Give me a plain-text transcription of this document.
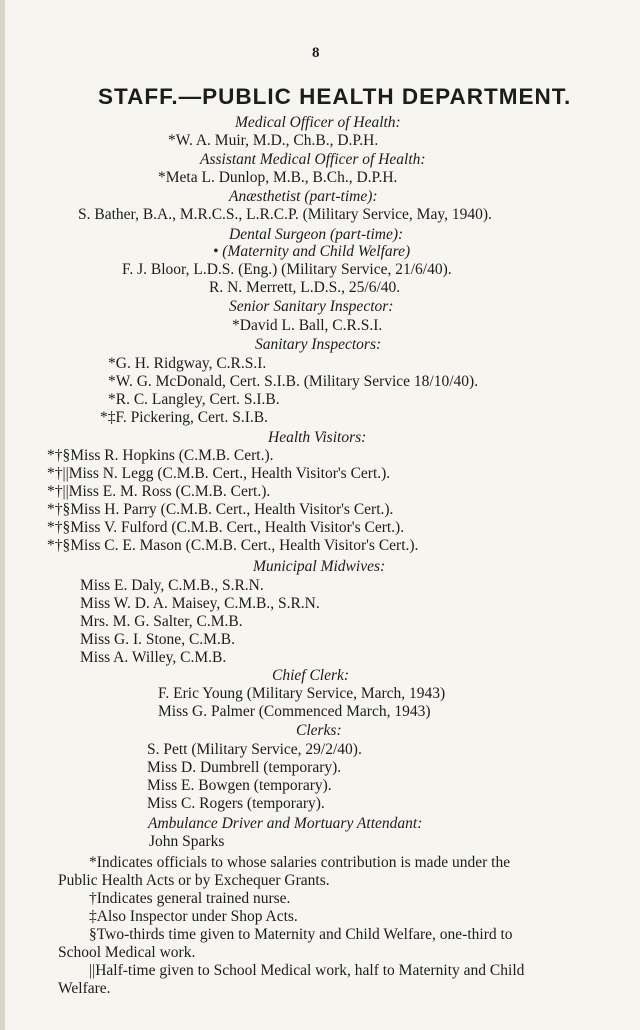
8
STAFF.—PUBLIC HEALTH DEPARTMENT.
Medical Officer of Health:
*W. A. Muir, M.D., Ch.B., D.P.H.
Assistant Medical Officer of Health:
*Meta L. Dunlop, M.B., B.Ch., D.P.H.
Anæsthetist (part-time):
S. Bather, B.A., M.R.C.S., L.R.C.P. (Military Service, May, 1940).
Dental Surgeon (part-time):
• (Maternity and Child Welfare)
F. J. Bloor, L.D.S. (Eng.) (Military Service, 21/6/40).
R. N. Merrett, L.D.S., 25/6/40.
Senior Sanitary Inspector:
*David L. Ball, C.R.S.I.
Sanitary Inspectors:
*G. H. Ridgway, C.R.S.I.
*W. G. McDonald, Cert. S.I.B. (Military Service 18/10/40).
*R. C. Langley, Cert. S.I.B.
*‡F. Pickering, Cert. S.I.B.
Health Visitors:
*†§Miss R. Hopkins (C.M.B. Cert.).
*†||Miss N. Legg (C.M.B. Cert., Health Visitor's Cert.).
*†||Miss E. M. Ross (C.M.B. Cert.).
*†§Miss H. Parry (C.M.B. Cert., Health Visitor's Cert.).
*†§Miss V. Fulford (C.M.B. Cert., Health Visitor's Cert.).
*†§Miss C. E. Mason (C.M.B. Cert., Health Visitor's Cert.).
Municipal Midwives:
Miss E. Daly, C.M.B., S.R.N.
Miss W. D. A. Maisey, C.M.B., S.R.N.
Mrs. M. G. Salter, C.M.B.
Miss G. I. Stone, C.M.B.
Miss A. Willey, C.M.B.
Chief Clerk:
F. Eric Young (Military Service, March, 1943)
Miss G. Palmer (Commenced March, 1943)
Clerks:
S. Pett (Military Service, 29/2/40).
Miss D. Dumbrell (temporary).
Miss E. Bowgen (temporary).
Miss C. Rogers (temporary).
Ambulance Driver and Mortuary Attendant:
John Sparks
*Indicates officials to whose salaries contribution is made under the
Public Health Acts or by Exchequer Grants.
†Indicates general trained nurse.
‡Also Inspector under Shop Acts.
§Two-thirds time given to Maternity and Child Welfare, one-third to
School Medical work.
||Half-time given to School Medical work, half to Maternity and Child
Welfare.
